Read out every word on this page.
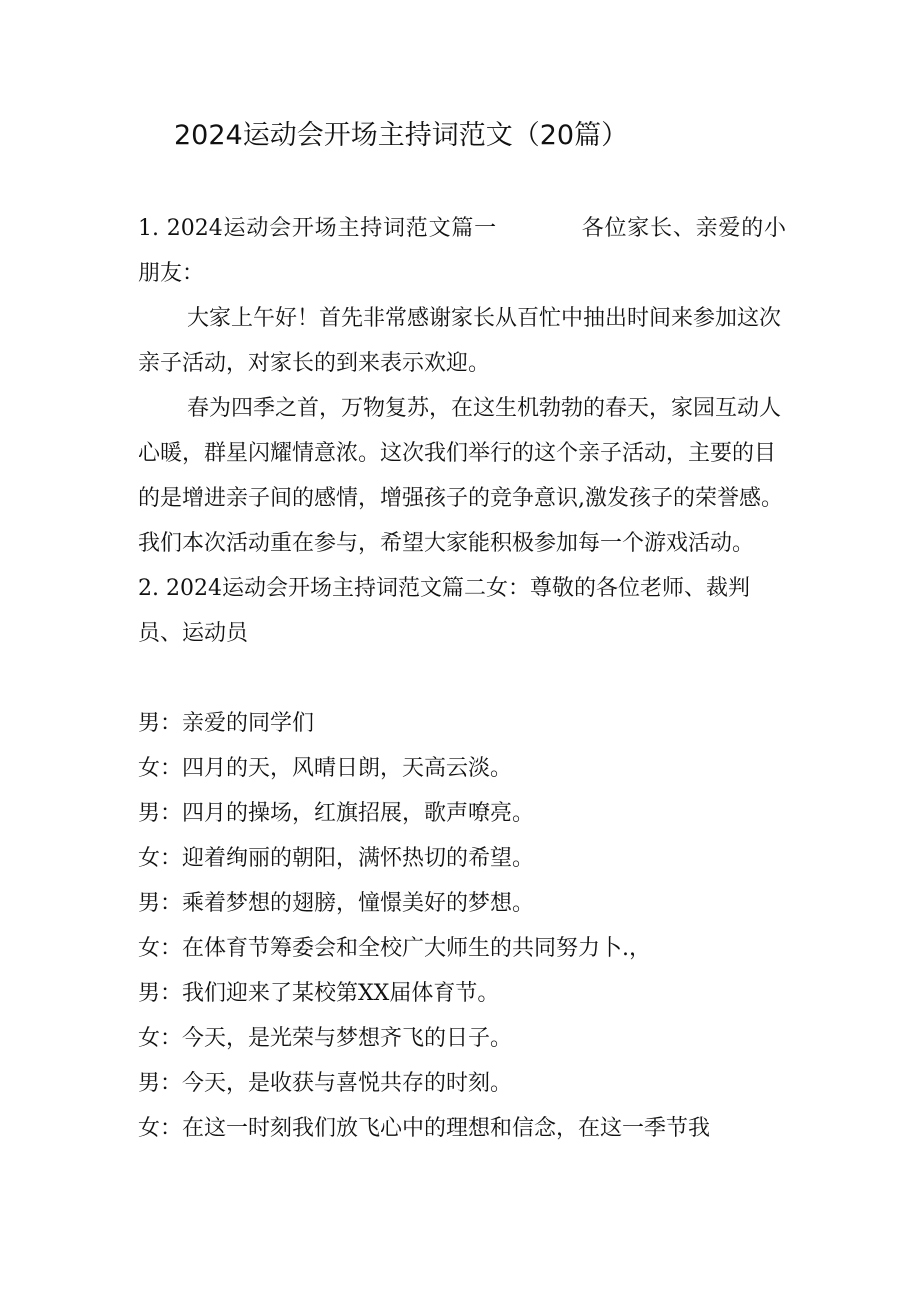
2024运动会开场主持词范文（20篇）

1. 2024运动会开场主持词范文篇一	各位家长、亲爱的小朋友：

大家上午好！首先非常感谢家长从百忙中抽出时间来参加这次亲子活动，对家长的到来表示欢迎。

春为四季之首，万物复苏，在这生机勃勃的春天，家园互动人心暖，群星闪耀情意浓。这次我们举行的这个亲子活动，主要的目的是增进亲子间的感情，增强孩子的竞争意识,激发孩子的荣誉感。我们本次活动重在参与，希望大家能积极参加每一个游戏活动。

2. 2024运动会开场主持词范文篇二女：尊敬的各位老师、裁判员、运动员

男：亲爱的同学们

女：四月的天，风晴日朗，天高云淡。

男：四月的操场，红旗招展，歌声嘹亮。

女：迎着绚丽的朝阳，满怀热切的希望。

男：乘着梦想的翅膀，憧憬美好的梦想。

女：在体育节筹委会和全校广大师生的共同努力卜.，

男：我们迎来了某校第XX届体育节。

女：今天，是光荣与梦想齐飞的日子。

男：今天，是收获与喜悦共存的时刻。

女：在这一时刻我们放飞心中的理想和信念，在这一季节我
